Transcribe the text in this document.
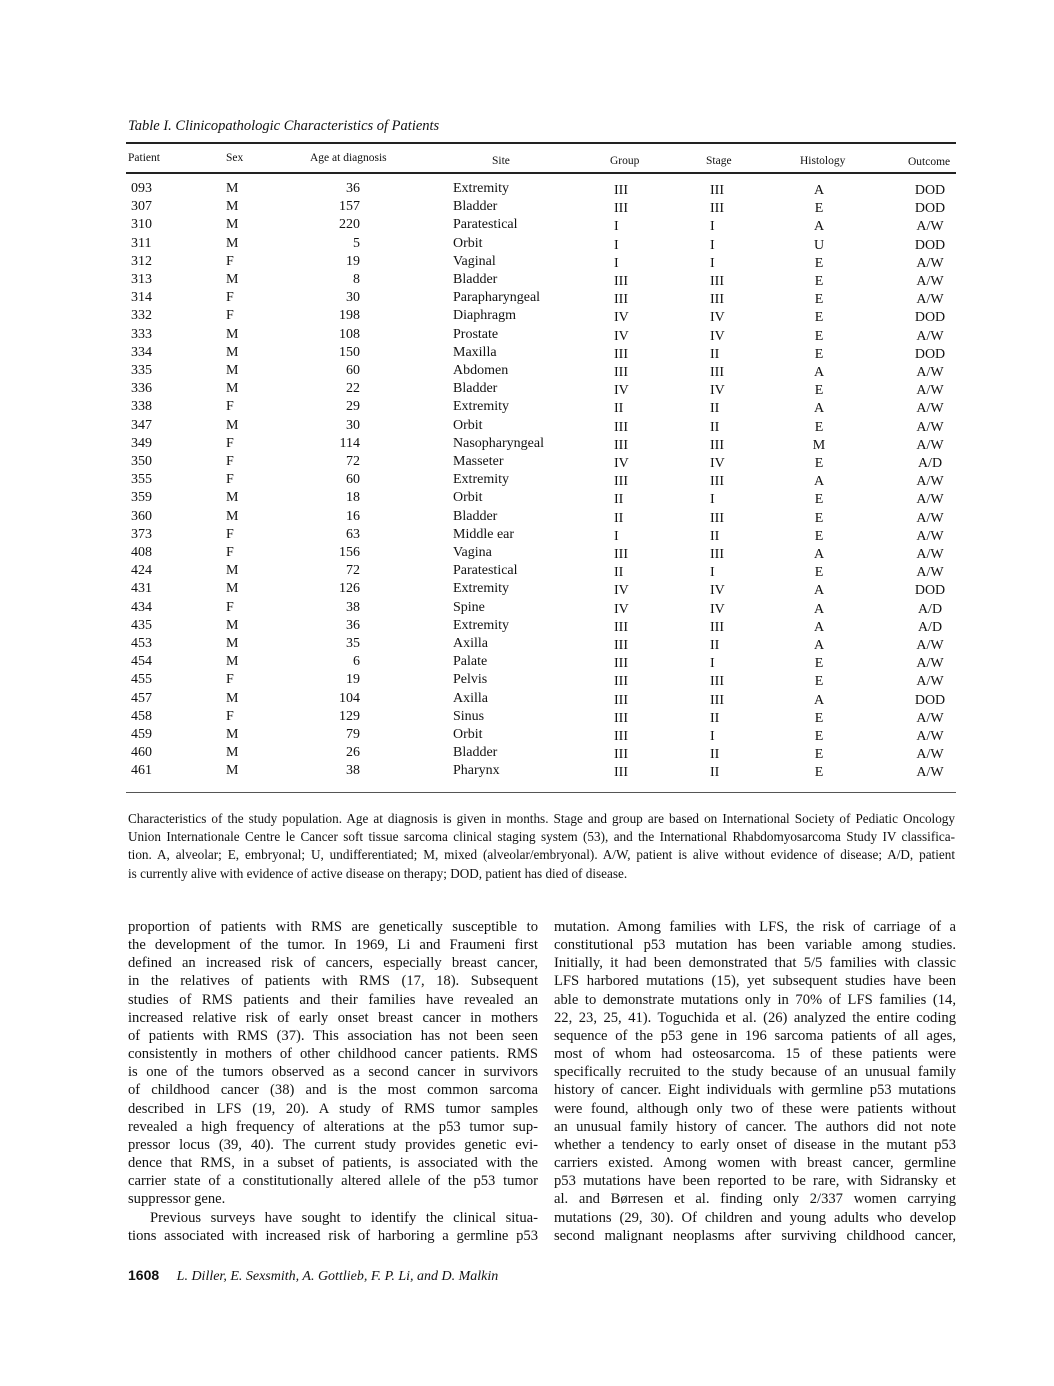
Table I. Clinicopathologic Characteristics of Patients
Patient	Sex	Age at diagnosis	Site	Group	Stage	Histology	Outcome
093	M	36	Extremity	III	III	A	DOD
307	M	157	Bladder	III	III	E	DOD
310	M	220	Paratestical	I	I	A	A/W
311	M	5	Orbit	I	I	U	DOD
312	F	19	Vaginal	I	I	E	A/W
313	M	8	Bladder	III	III	E	A/W
314	F	30	Parapharyngeal	III	III	E	A/W
332	F	198	Diaphragm	IV	IV	E	DOD
333	M	108	Prostate	IV	IV	E	A/W
334	M	150	Maxilla	III	II	E	DOD
335	M	60	Abdomen	III	III	A	A/W
336	M	22	Bladder	IV	IV	E	A/W
338	F	29	Extremity	II	II	A	A/W
347	M	30	Orbit	III	II	E	A/W
349	F	114	Nasopharyngeal	III	III	M	A/W
350	F	72	Masseter	IV	IV	E	A/D
355	F	60	Extremity	III	III	A	A/W
359	M	18	Orbit	II	I	E	A/W
360	M	16	Bladder	II	III	E	A/W
373	F	63	Middle ear	I	II	E	A/W
408	F	156	Vagina	III	III	A	A/W
424	M	72	Paratestical	II	I	E	A/W
431	M	126	Extremity	IV	IV	A	DOD
434	F	38	Spine	IV	IV	A	A/D
435	M	36	Extremity	III	III	A	A/D
453	M	35	Axilla	III	II	A	A/W
454	M	6	Palate	III	I	E	A/W
455	F	19	Pelvis	III	III	E	A/W
457	M	104	Axilla	III	III	A	DOD
458	F	129	Sinus	III	II	E	A/W
459	M	79	Orbit	III	I	E	A/W
460	M	26	Bladder	III	II	E	A/W
461	M	38	Pharynx	III	II	E	A/W
Characteristics of the study population. Age at diagnosis is given in months. Stage and group are based on International Society of Pediatic Oncology
Union Internationale Centre le Cancer soft tissue sarcoma clinical staging system (53), and the International Rhabdomyosarcoma Study IV classifica-
tion. A, alveolar; E, embryonal; U, undifferentiated; M, mixed (alveolar/embryonal). A/W, patient is alive without evidence of disease; A/D, patient
is currently alive with evidence of active disease on therapy; DOD, patient has died of disease.
proportion of patients with RMS are genetically susceptible to
the development of the tumor. In 1969, Li and Fraumeni first
defined an increased risk of cancers, especially breast cancer,
in the relatives of patients with RMS (17, 18). Subsequent
studies of RMS patients and their families have revealed an
increased relative risk of early onset breast cancer in mothers
of patients with RMS (37). This association has not been seen
consistently in mothers of other childhood cancer patients. RMS
is one of the tumors observed as a second cancer in survivors
of childhood cancer (38) and is the most common sarcoma
described in LFS (19, 20). A study of RMS tumor samples
revealed a high frequency of alterations at the p53 tumor sup-
pressor locus (39, 40). The current study provides genetic evi-
dence that RMS, in a subset of patients, is associated with the
carrier state of a constitutionally altered allele of the p53 tumor
suppressor gene.
Previous surveys have sought to identify the clinical situa-
tions associated with increased risk of harboring a germline p53
mutation. Among families with LFS, the risk of carriage of a
constitutional p53 mutation has been variable among studies.
Initially, it had been demonstrated that 5/5 families with classic
LFS harbored mutations (15), yet subsequent studies have been
able to demonstrate mutations only in 70% of LFS families (14,
22, 23, 25, 41). Toguchida et al. (26) analyzed the entire coding
sequence of the p53 gene in 196 sarcoma patients of all ages,
most of whom had osteosarcoma. 15 of these patients were
specifically recruited to the study because of an unusual family
history of cancer. Eight individuals with germline p53 mutations
were found, although only two of these were patients without
an unusual family history of cancer. The authors did not note
whether a tendency to early onset of disease in the mutant p53
carriers existed. Among women with breast cancer, germline
p53 mutations have been reported to be rare, with Sidransky et
al. and Børresen et al. finding only 2/337 women carrying
mutations (29, 30). Of children and young adults who develop
second malignant neoplasms after surviving childhood cancer,
1608 L. Diller, E. Sexsmith, A. Gottlieb, F. P. Li, and D. Malkin
